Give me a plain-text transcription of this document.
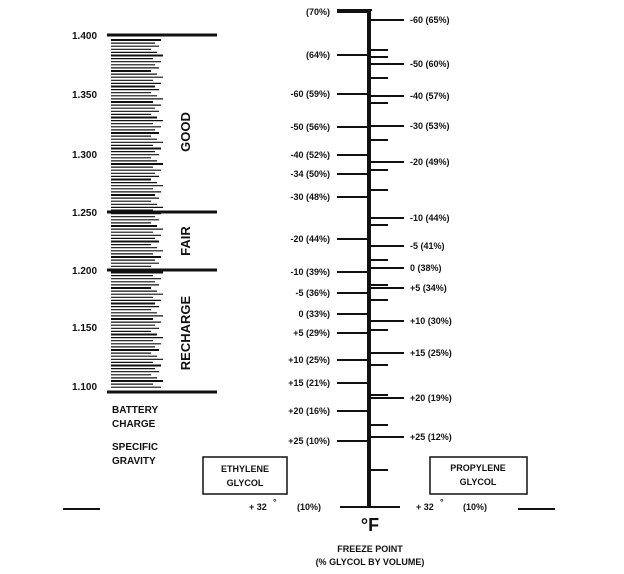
1.400
1.350
1.300
1.250
1.200
1.150
1.100
GOOD
FAIR
RECHARGE
BATTERY
CHARGE
SPECIFIC
GRAVITY
(70%)
(64%)
-60 (59%)
-50 (56%)
-40 (52%)
-34 (50%)
-30 (48%)
-20 (44%)
-10 (39%)
-5 (36%)
0 (33%)
+5 (29%)
+10 (25%)
+15 (21%)
+20 (16%)
+25 (10%)
-60 (65%)
-50 (60%)
-40 (57%)
-30 (53%)
-20 (49%)
-10 (44%)
-5 (41%)
0 (38%)
+5 (34%)
+10 (30%)
+15 (25%)
+20 (19%)
+25 (12%)
+ 32 ° (10%)	+ 32 ° (10%)
°F
FREEZE POINT
(% GLYCOL BY VOLUME)
ETHYLENE
GLYCOL
PROPYLENE
GLYCOL
